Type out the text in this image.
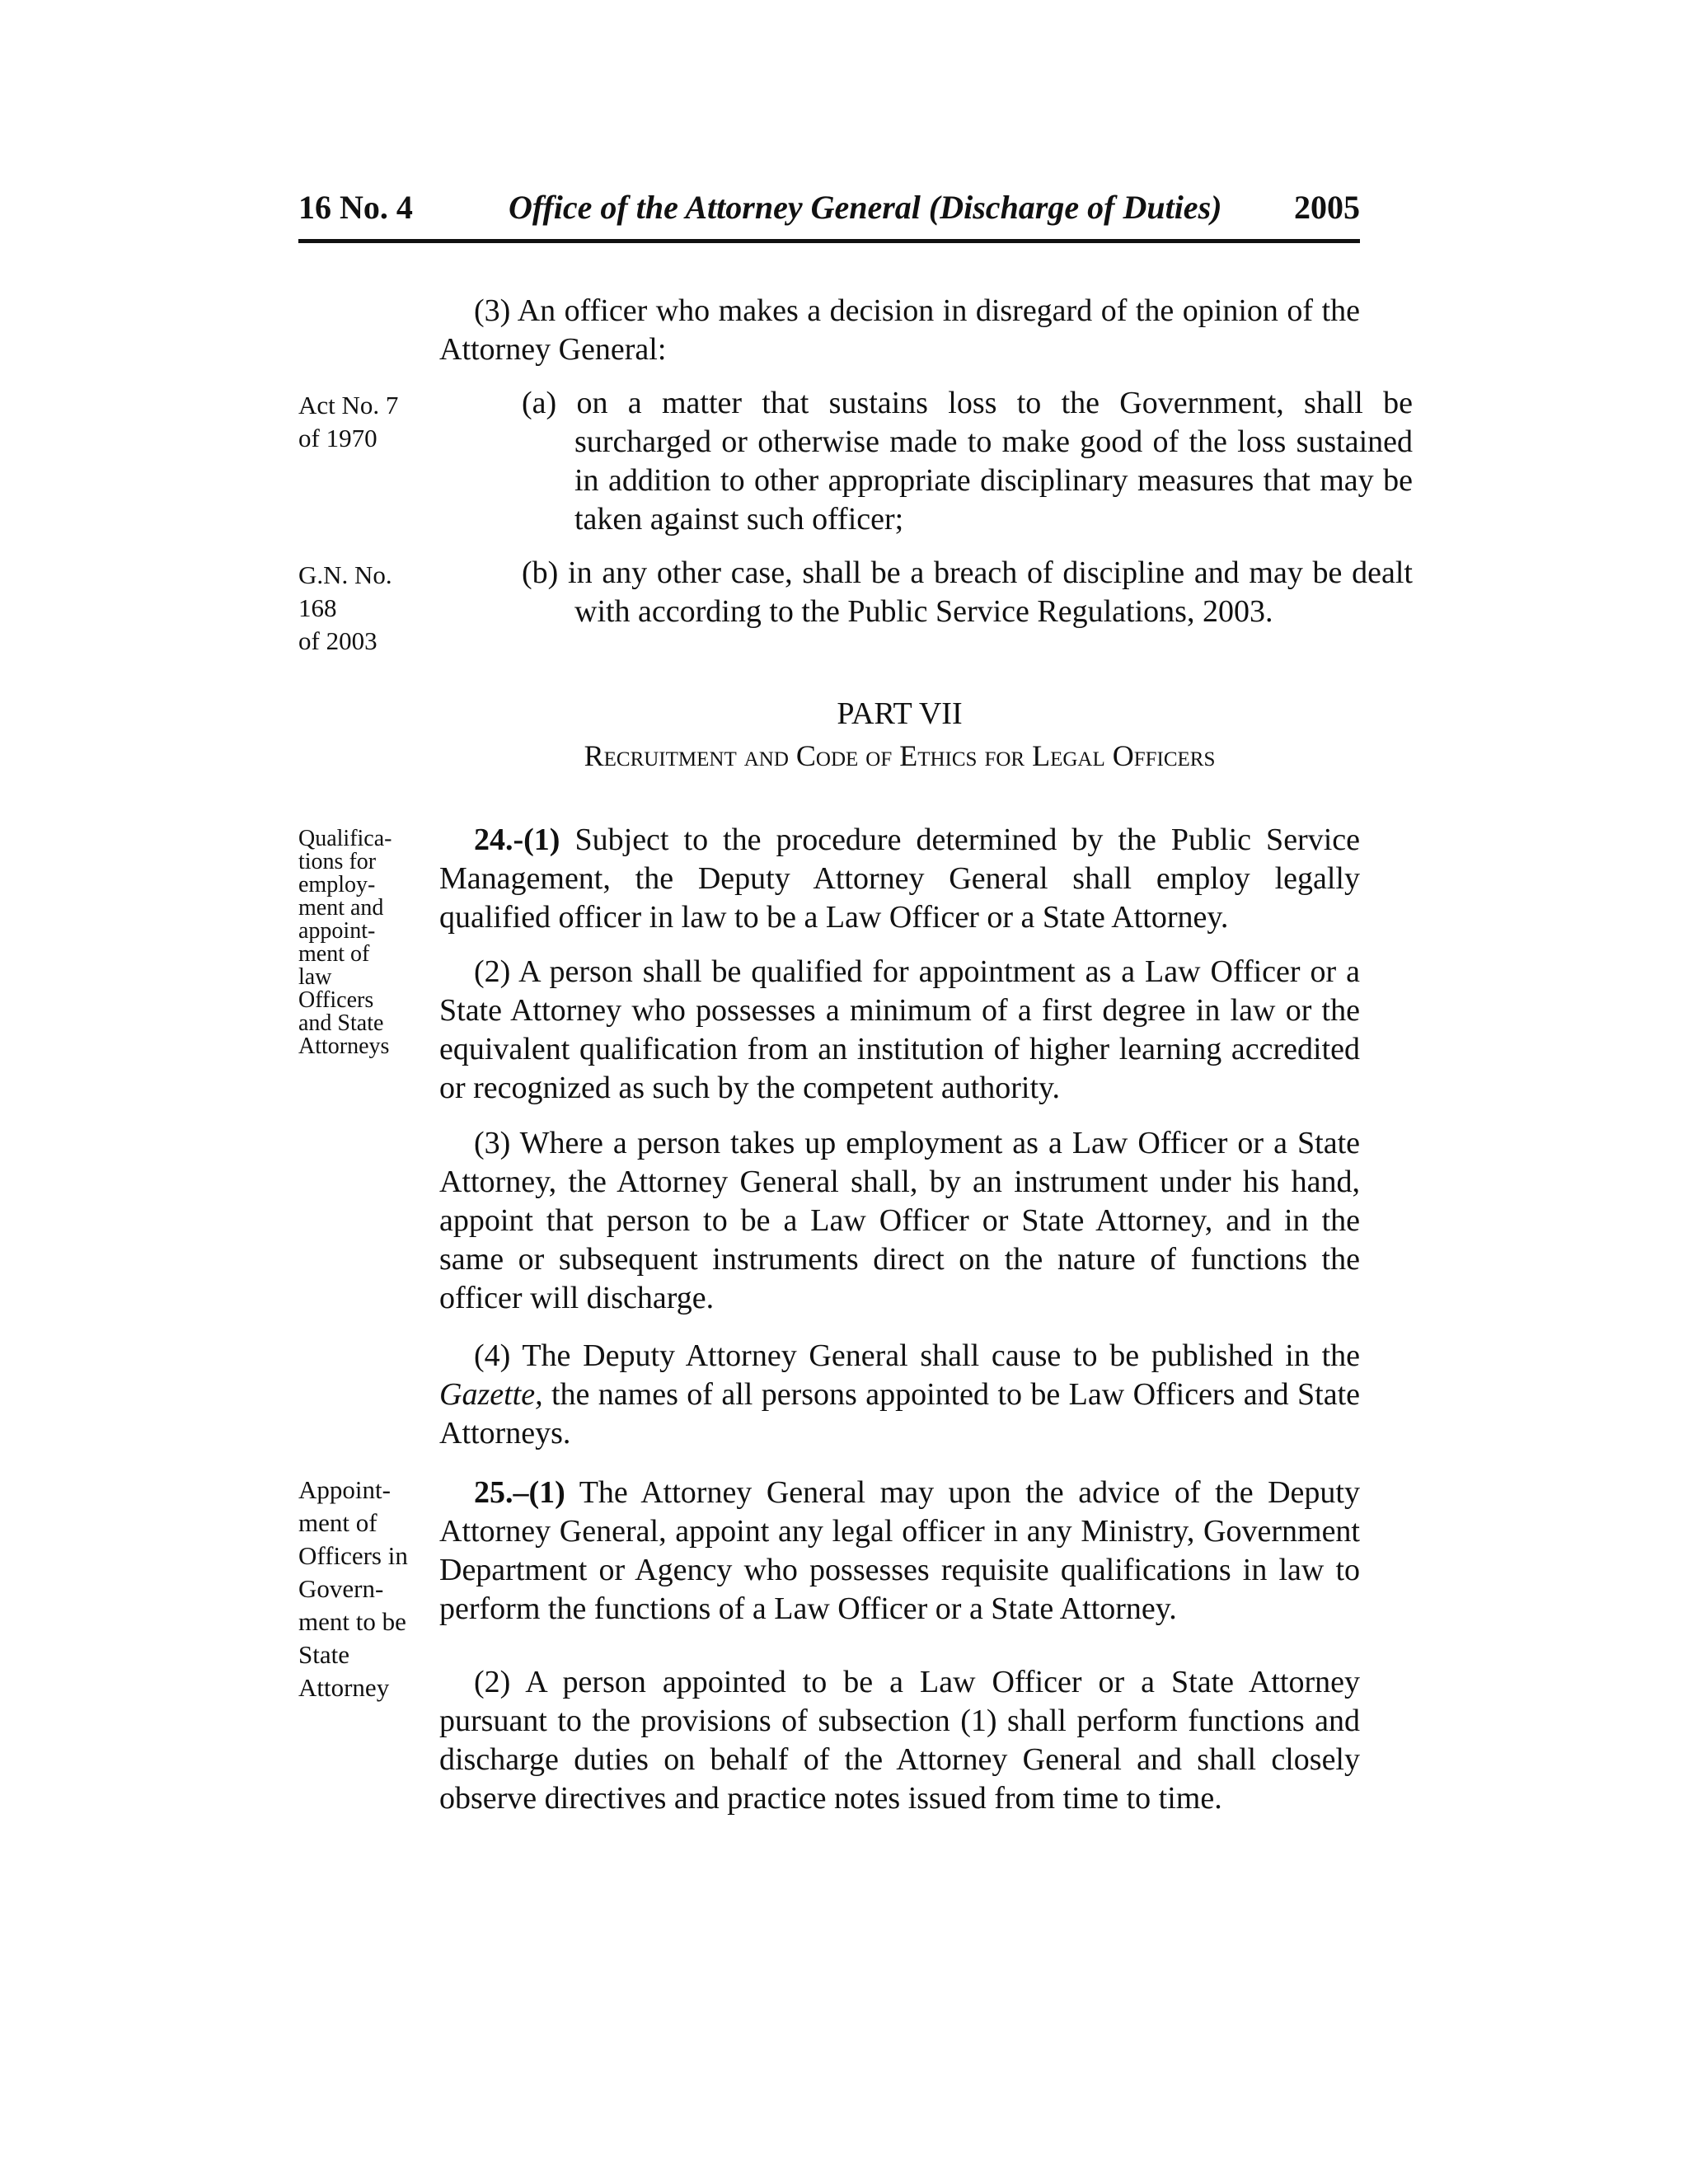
16 No. 4	Office of the Attorney General (Discharge of Duties) 2005
Act No. 7
of 1970
G.N. No.
168
of 2003
Qualifica-
tions for
employ-
ment and
appoint-
ment of
law
Officers
and State
Attorneys
Appoint-
ment of
Officers in
Govern-
ment to be
State
Attorney
(3) An officer who makes a decision in disregard of the opinion of the Attorney General:
(a) on a matter that sustains loss to the Government, shall be surcharged or otherwise made to make good of the loss sustained in addition to other appropriate disciplinary measures that may be taken against such officer;
(b) in any other case, shall be a breach of discipline and may be dealt with according to the Public Service Regulations, 2003.
PART VII
Recruitment and Code of Ethics for Legal Officers
24.-(1) Subject to the procedure determined by the Public Service Management, the Deputy Attorney General shall employ legally qualified officer in law to be a Law Officer or a State Attorney.
(2) A person shall be qualified for appointment as a Law Officer or a State Attorney who possesses a minimum of a first degree in law or the equivalent qualification from an institution of higher learning accredited or recognized as such by the competent authority.
(3) Where a person takes up employment as a Law Officer or a State Attorney, the Attorney General shall, by an instrument under his hand, appoint that person to be a Law Officer or State Attorney, and in the same or subsequent instruments direct on the nature of functions the officer will discharge.
(4) The Deputy Attorney General shall cause to be published in the Gazette, the names of all persons appointed to be Law Officers and State Attorneys.
25.–(1) The Attorney General may upon the advice of the Deputy Attorney General, appoint any legal officer in any Ministry, Government Department or Agency who possesses requisite qualifications in law to perform the functions of a Law Officer or a State Attorney.
(2) A person appointed to be a Law Officer or a State Attorney pursuant to the provisions of subsection (1) shall perform functions and discharge duties on behalf of the Attorney General and shall closely observe directives and practice notes issued from time to time.
